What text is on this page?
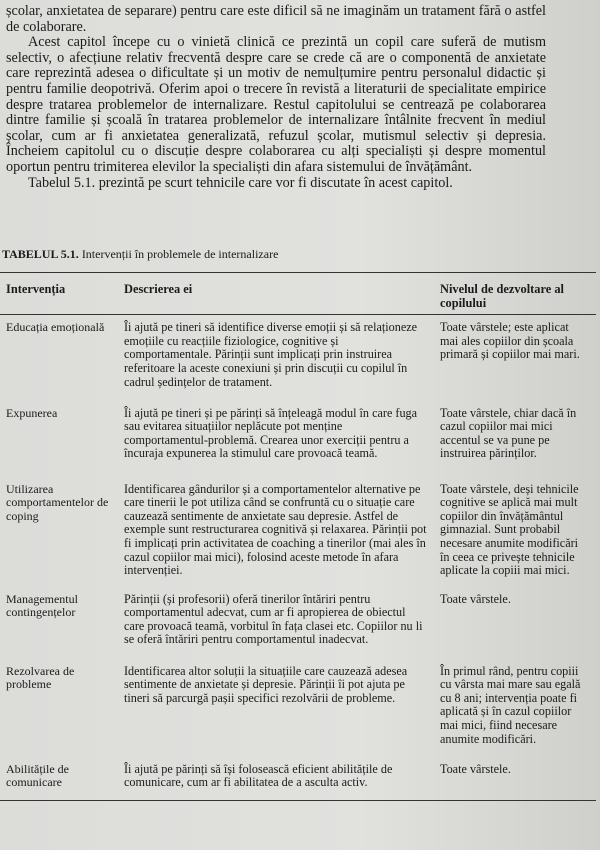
școlar, anxietatea de separare) pentru care este dificil să ne imaginăm un tratament fără o astfel de colaborare.

Acest capitol începe cu o vinietă clinică ce prezintă un copil care suferă de mutism selectiv, o afecțiune relativ frecventă despre care se crede că are o componentă de anxietate care reprezintă adesea o dificultate și un motiv de nemulțumire pentru personalul didactic și pentru familie deopotrivă. Oferim apoi o trecere în revistă a literaturii de specialitate empirice despre tratarea problemelor de internalizare. Restul capitolului se centrează pe colaborarea dintre familie și școală în tratarea problemelor de internalizare întâlnite frecvent în mediul școlar, cum ar fi anxietatea generalizată, refuzul școlar, mutismul selectiv și depresia. Încheiem capitolul cu o discuție despre colaborarea cu alți specialiști și despre momentul oportun pentru trimiterea elevilor la specialiști din afara sistemului de învățământ.

Tabelul 5.1. prezintă pe scurt tehnicile care vor fi discutate în acest capitol.

TABELUL 5.1. Intervenții în problemele de internalizare
Intervenția	Descrierea ei	Nivelul de dezvoltare al copilului
Educația emoțională	Îi ajută pe tineri să identifice diverse emoții și să relaționeze emoțiile cu reacțiile fiziologice, cognitive și comportamentale. Părinții sunt implicați prin instruirea referitoare la aceste conexiuni și prin discuții cu copilul în cadrul ședințelor de tratament.	Toate vârstele; este aplicat mai ales copiilor din școala primară și copiilor mai mari.
Expunerea	Îi ajută pe tineri și pe părinți să înțeleagă modul în care fuga sau evitarea situațiilor neplăcute pot menține comportamentul-problemă. Crearea unor exerciții pentru a încuraja expunerea la stimulul care provoacă teamă.	Toate vârstele, chiar dacă în cazul copiilor mai mici accentul se va pune pe instruirea părinților.
Utilizarea comportamentelor de coping	Identificarea gândurilor și a comportamentelor alternative pe care tinerii le pot utiliza când se confruntă cu o situație care cauzează sentimente de anxietate sau depresie. Astfel de exemple sunt restructurarea cognitivă și relaxarea. Părinții pot fi implicați prin activitatea de coaching a tinerilor (mai ales în cazul copiilor mai mici), folosind aceste metode în afara intervenției.	Toate vârstele, deși tehnicile cognitive se aplică mai mult copiilor din învățământul gimnazial. Sunt probabil necesare anumite modificări în ceea ce privește tehnicile aplicate la copiii mai mici.
Managementul contingențelor	Părinții (și profesorii) oferă tinerilor întăriri pentru comportamentul adecvat, cum ar fi apropierea de obiectul care provoacă teamă, vorbitul în fața clasei etc. Copiilor nu li se oferă întăriri pentru comportamentul inadecvat.	Toate vârstele.
Rezolvarea de probleme	Identificarea altor soluții la situațiile care cauzează adesea sentimente de anxietate și depresie. Părinții îi pot ajuta pe tineri să parcurgă pașii specifici rezolvării de probleme.	În primul rând, pentru copiii cu vârsta mai mare sau egală cu 8 ani; intervenția poate fi aplicată și în cazul copiilor mai mici, fiind necesare anumite modificări.
Abilitățile de comunicare	Îi ajută pe părinți să își folosească eficient abilitățile de comunicare, cum ar fi abilitatea de a asculta activ.	Toate vârstele.
